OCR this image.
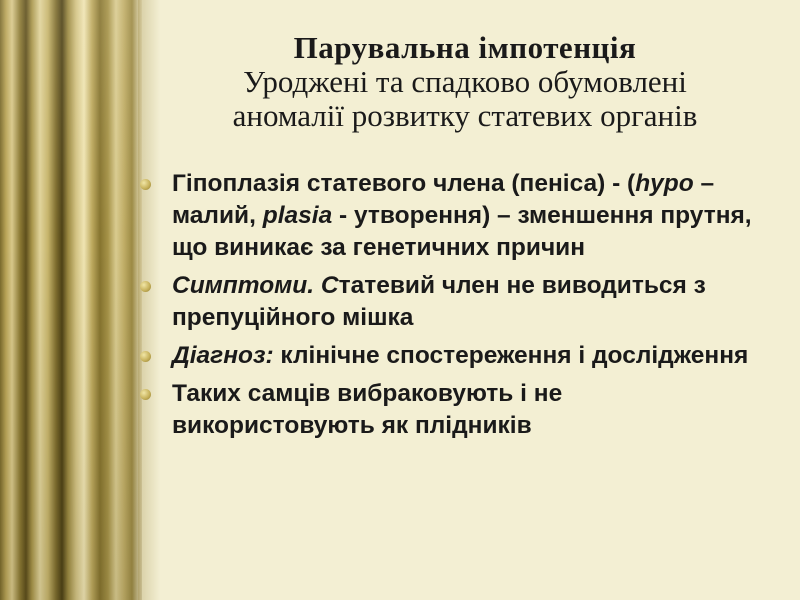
Парувальна імпотенція
Уроджені та спадково обумовлені
аномалії розвитку статевих органів
Гіпоплазія статевого члена (пеніса) - (hypo – малий, plasia - утворення) – зменшення прутня, що виникає за генетичних причин
Симптоми. Статевий член не виводиться з препуційного мішка
Діагноз: клінічне спостереження і дослідження
Таких самців вибраковують і не використовують як плідників
